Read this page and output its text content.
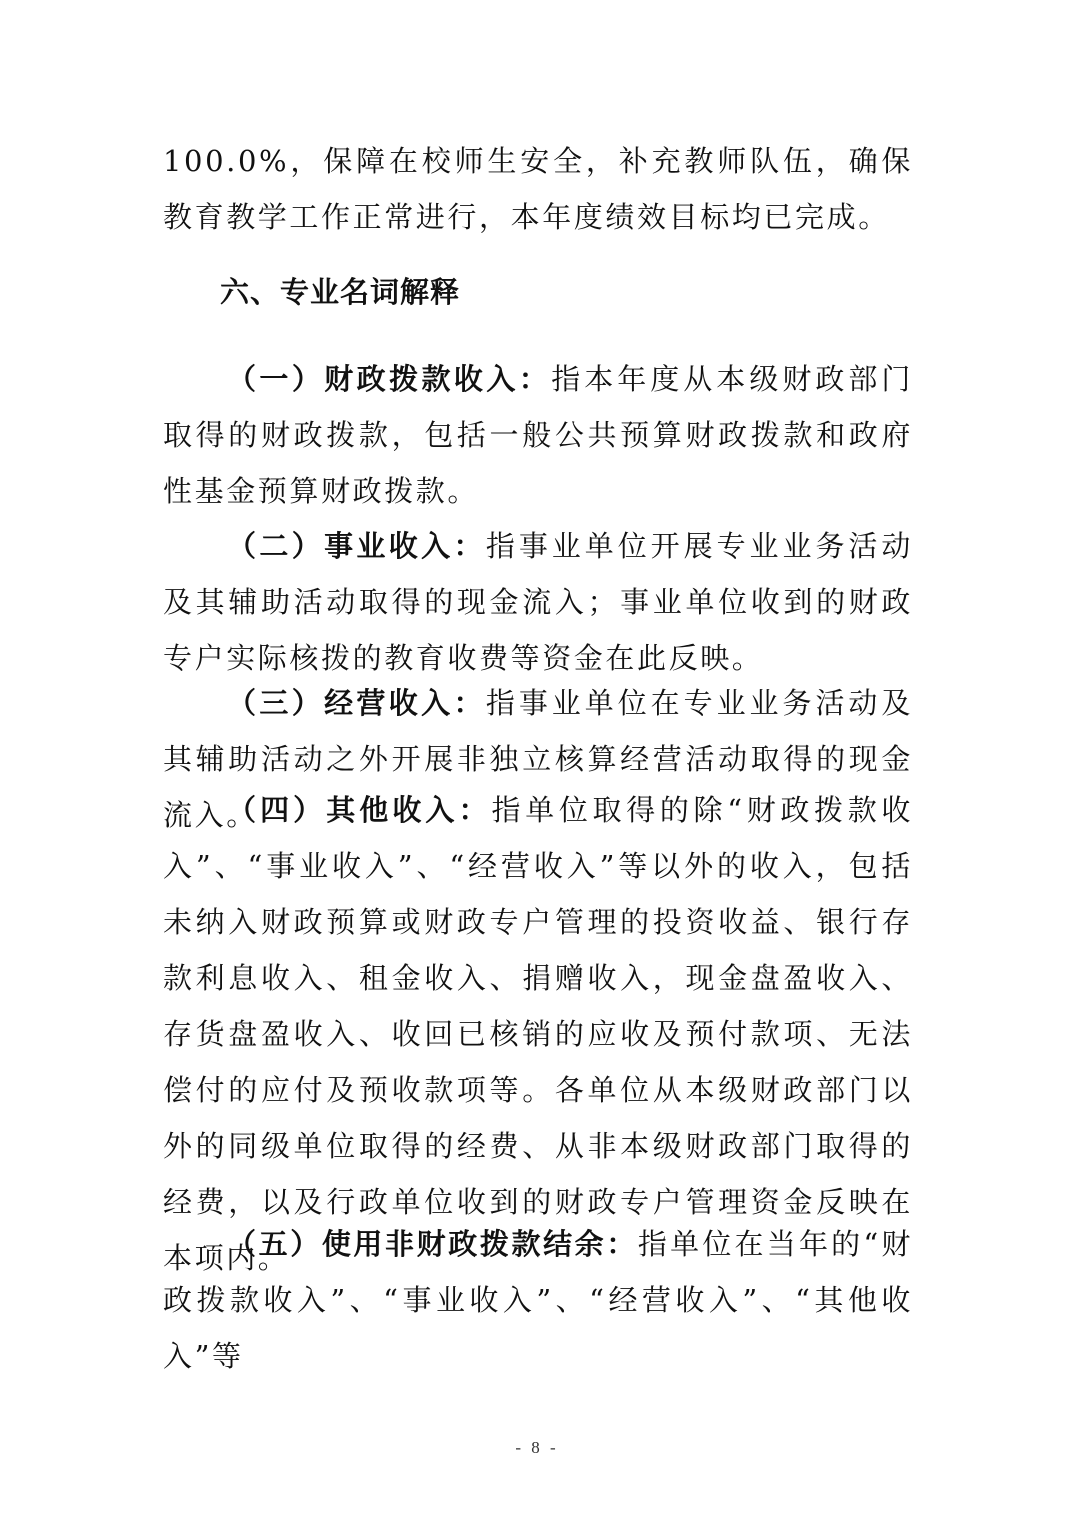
100.0%，保障在校师生安全，补充教师队伍，确保教育教学工作正常进行，本年度绩效目标均已完成。

六、专业名词解释

（一）财政拨款收入：指本年度从本级财政部门取得的财政拨款，包括一般公共预算财政拨款和政府性基金预算财政拨款。

（二）事业收入：指事业单位开展专业业务活动及其辅助活动取得的现金流入；事业单位收到的财政专户实际核拨的教育收费等资金在此反映。

（三）经营收入：指事业单位在专业业务活动及其辅助活动之外开展非独立核算经营活动取得的现金流入。

（四）其他收入：指单位取得的除“财政拨款收入”、“事业收入”、“经营收入”等以外的收入，包括未纳入财政预算或财政专户管理的投资收益、银行存款利息收入、租金收入、捐赠收入，现金盘盈收入、存货盘盈收入、收回已核销的应收及预付款项、无法偿付的应付及预收款项等。各单位从本级财政部门以外的同级单位取得的经费、从非本级财政部门取得的经费，以及行政单位收到的财政专户管理资金反映在本项内。

（五）使用非财政拨款结余：指单位在当年的“财政拨款收入”、“事业收入”、“经营收入”、“其他收入”等

- 8 -
